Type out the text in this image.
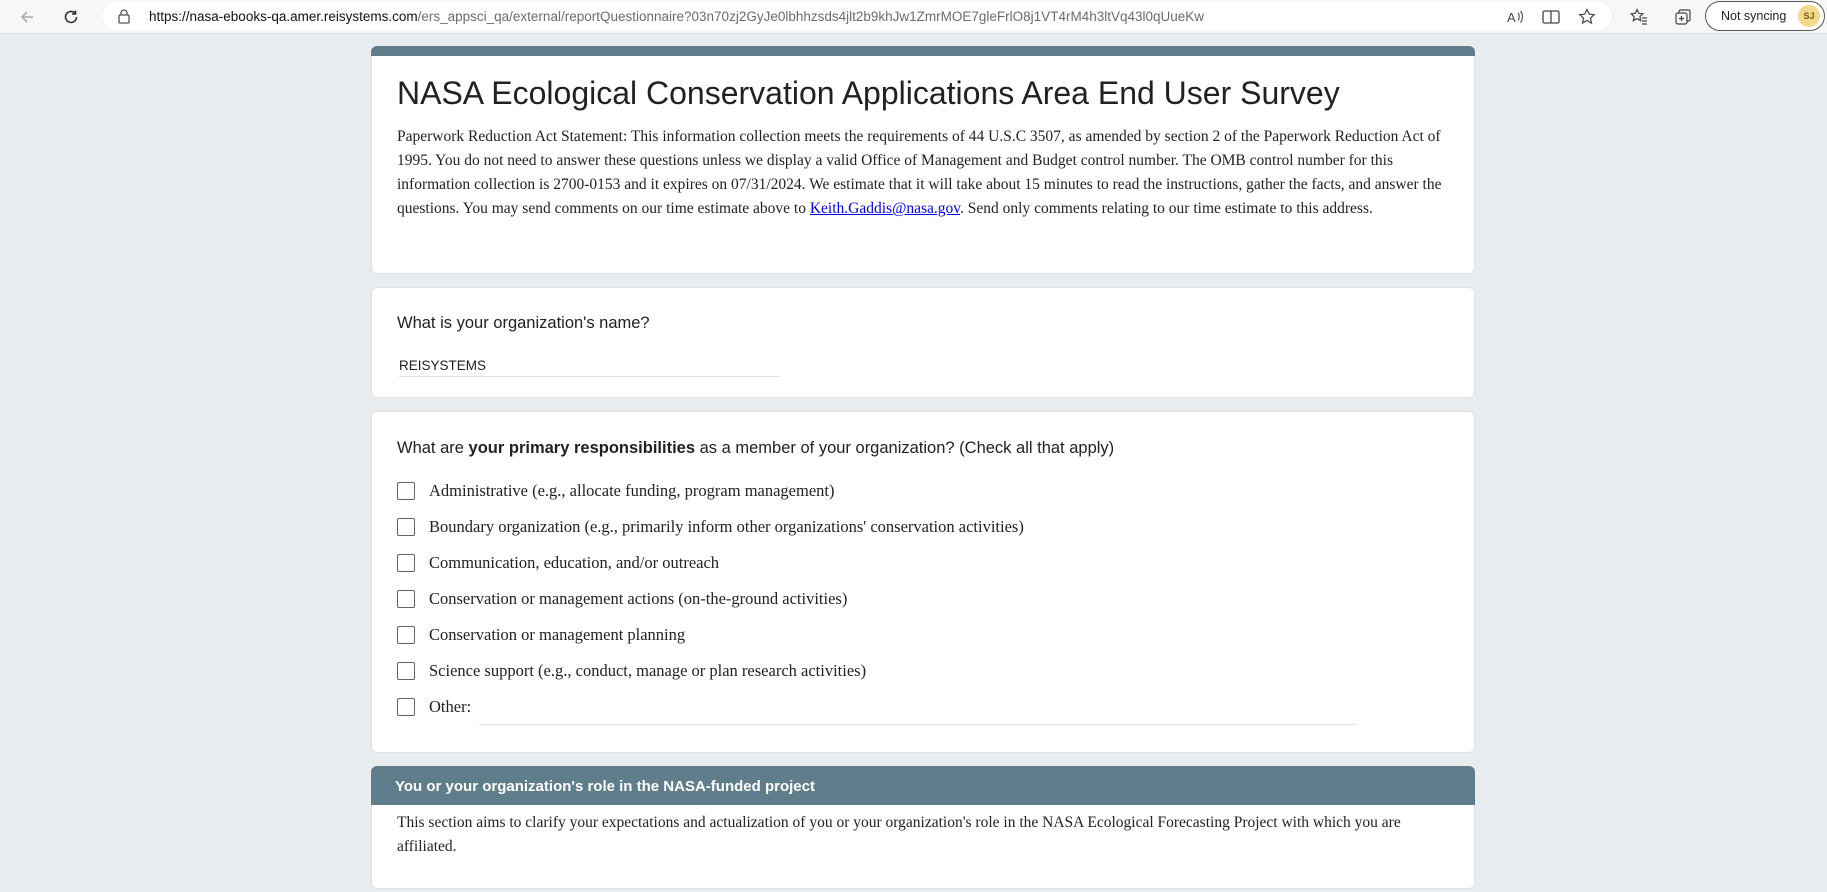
https://nasa-ebooks-qa.amer.reisystems.com/ers_appsci_qa/external/reportQuestionnaire?03n70zj2GyJe0lbhhzsds4jlt2b9khJw1ZmrMOE7gleFrlO8j1VT4rM4h3ltVq43l0qUueKw	A	Not syncing	SJ
NASA Ecological Conservation Applications Area End User Survey
Paperwork Reduction Act Statement: This information collection meets the requirements of 44 U.S.C 3507, as amended by section 2 of the Paperwork Reduction Act of 1995. You do not need to answer these questions unless we display a valid Office of Management and Budget control number. The OMB control number for this information collection is 2700-0153 and it expires on 07/31/2024. We estimate that it will take about 15 minutes to read the instructions, gather the facts, and answer the questions. You may send comments on our time estimate above to Keith.Gaddis@nasa.gov. Send only comments relating to our time estimate to this address.
What is your organization's name?
REISYSTEMS
What are your primary responsibilities as a member of your organization? (Check all that apply)
Administrative (e.g., allocate funding, program management)
Boundary organization (e.g., primarily inform other organizations' conservation activities)
Communication, education, and/or outreach
Conservation or management actions (on-the-ground activities)
Conservation or management planning
Science support (e.g., conduct, manage or plan research activities)
Other:
You or your organization's role in the NASA-funded project
This section aims to clarify your expectations and actualization of you or your organization's role in the NASA Ecological Forecasting Project with which you are affiliated.
